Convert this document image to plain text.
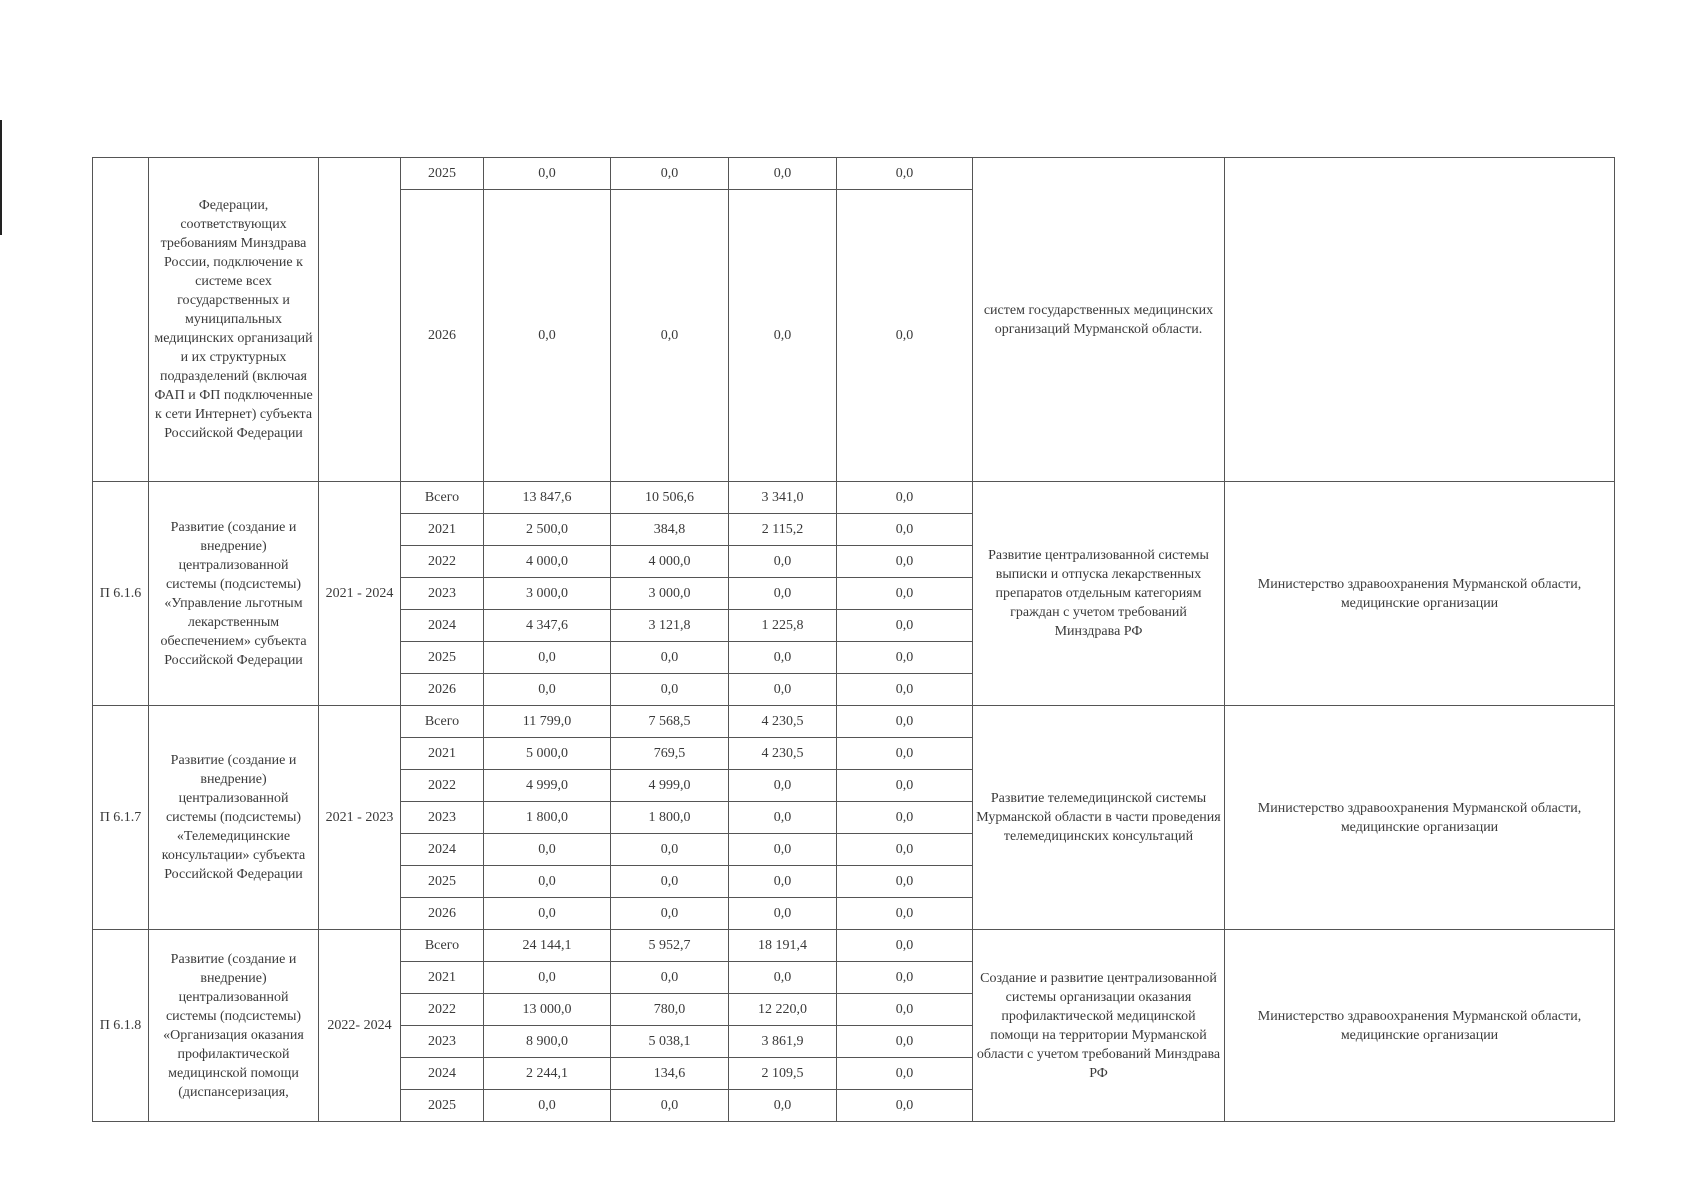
	Федерации, соответствующих требованиям Минздрава России, подключение к системе всех государственных и муниципальных медицинских организаций и их структурных подразделений (включая ФАП и ФП подключенные к сети Интернет) субъекта Российской Федерации		2025	0,0	0,0	0,0	0,0	систем государственных медицинских организаций Мурманской области.	
			2026	0,0	0,0	0,0	0,0		
П 6.1.6	Развитие (создание и внедрение) централизованной системы (подсистемы) «Управление льготным лекарственным обеспечением» субъекта Российской Федерации	2021 - 2024	Всего	13 847,6	10 506,6	3 341,0	0,0	Развитие централизованной системы выписки и отпуска лекарственных препаратов отдельным категориям граждан с учетом требований Минздрава РФ	Министерство здравоохранения Мурманской области, медицинские организации
			2021	2 500,0	384,8	2 115,2	0,0		
			2022	4 000,0	4 000,0	0,0	0,0		
			2023	3 000,0	3 000,0	0,0	0,0		
			2024	4 347,6	3 121,8	1 225,8	0,0		
			2025	0,0	0,0	0,0	0,0		
			2026	0,0	0,0	0,0	0,0		
П 6.1.7	Развитие (создание и внедрение) централизованной системы (подсистемы) «Телемедицинские консультации» субъекта Российской Федерации	2021 - 2023	Всего	11 799,0	7 568,5	4 230,5	0,0	Развитие телемедицинской системы Мурманской области в части проведения телемедицинских консультаций	Министерство здравоохранения Мурманской области, медицинские организации
			2021	5 000,0	769,5	4 230,5	0,0		
			2022	4 999,0	4 999,0	0,0	0,0		
			2023	1 800,0	1 800,0	0,0	0,0		
			2024	0,0	0,0	0,0	0,0		
			2025	0,0	0,0	0,0	0,0		
			2026	0,0	0,0	0,0	0,0		
П 6.1.8	Развитие (создание и внедрение) централизованной системы (подсистемы) «Организация оказания профилактической медицинской помощи (диспансеризация,	2022- 2024	Всего	24 144,1	5 952,7	18 191,4	0,0	Создание и развитие централизованной системы организации оказания профилактической медицинской помощи на территории Мурманской области с учетом требований Минздрава РФ	Министерство здравоохранения Мурманской области, медицинские организации
			2021	0,0	0,0	0,0	0,0		
			2022	13 000,0	780,0	12 220,0	0,0		
			2023	8 900,0	5 038,1	3 861,9	0,0		
			2024	2 244,1	134,6	2 109,5	0,0		
			2025	0,0	0,0	0,0	0,0		
